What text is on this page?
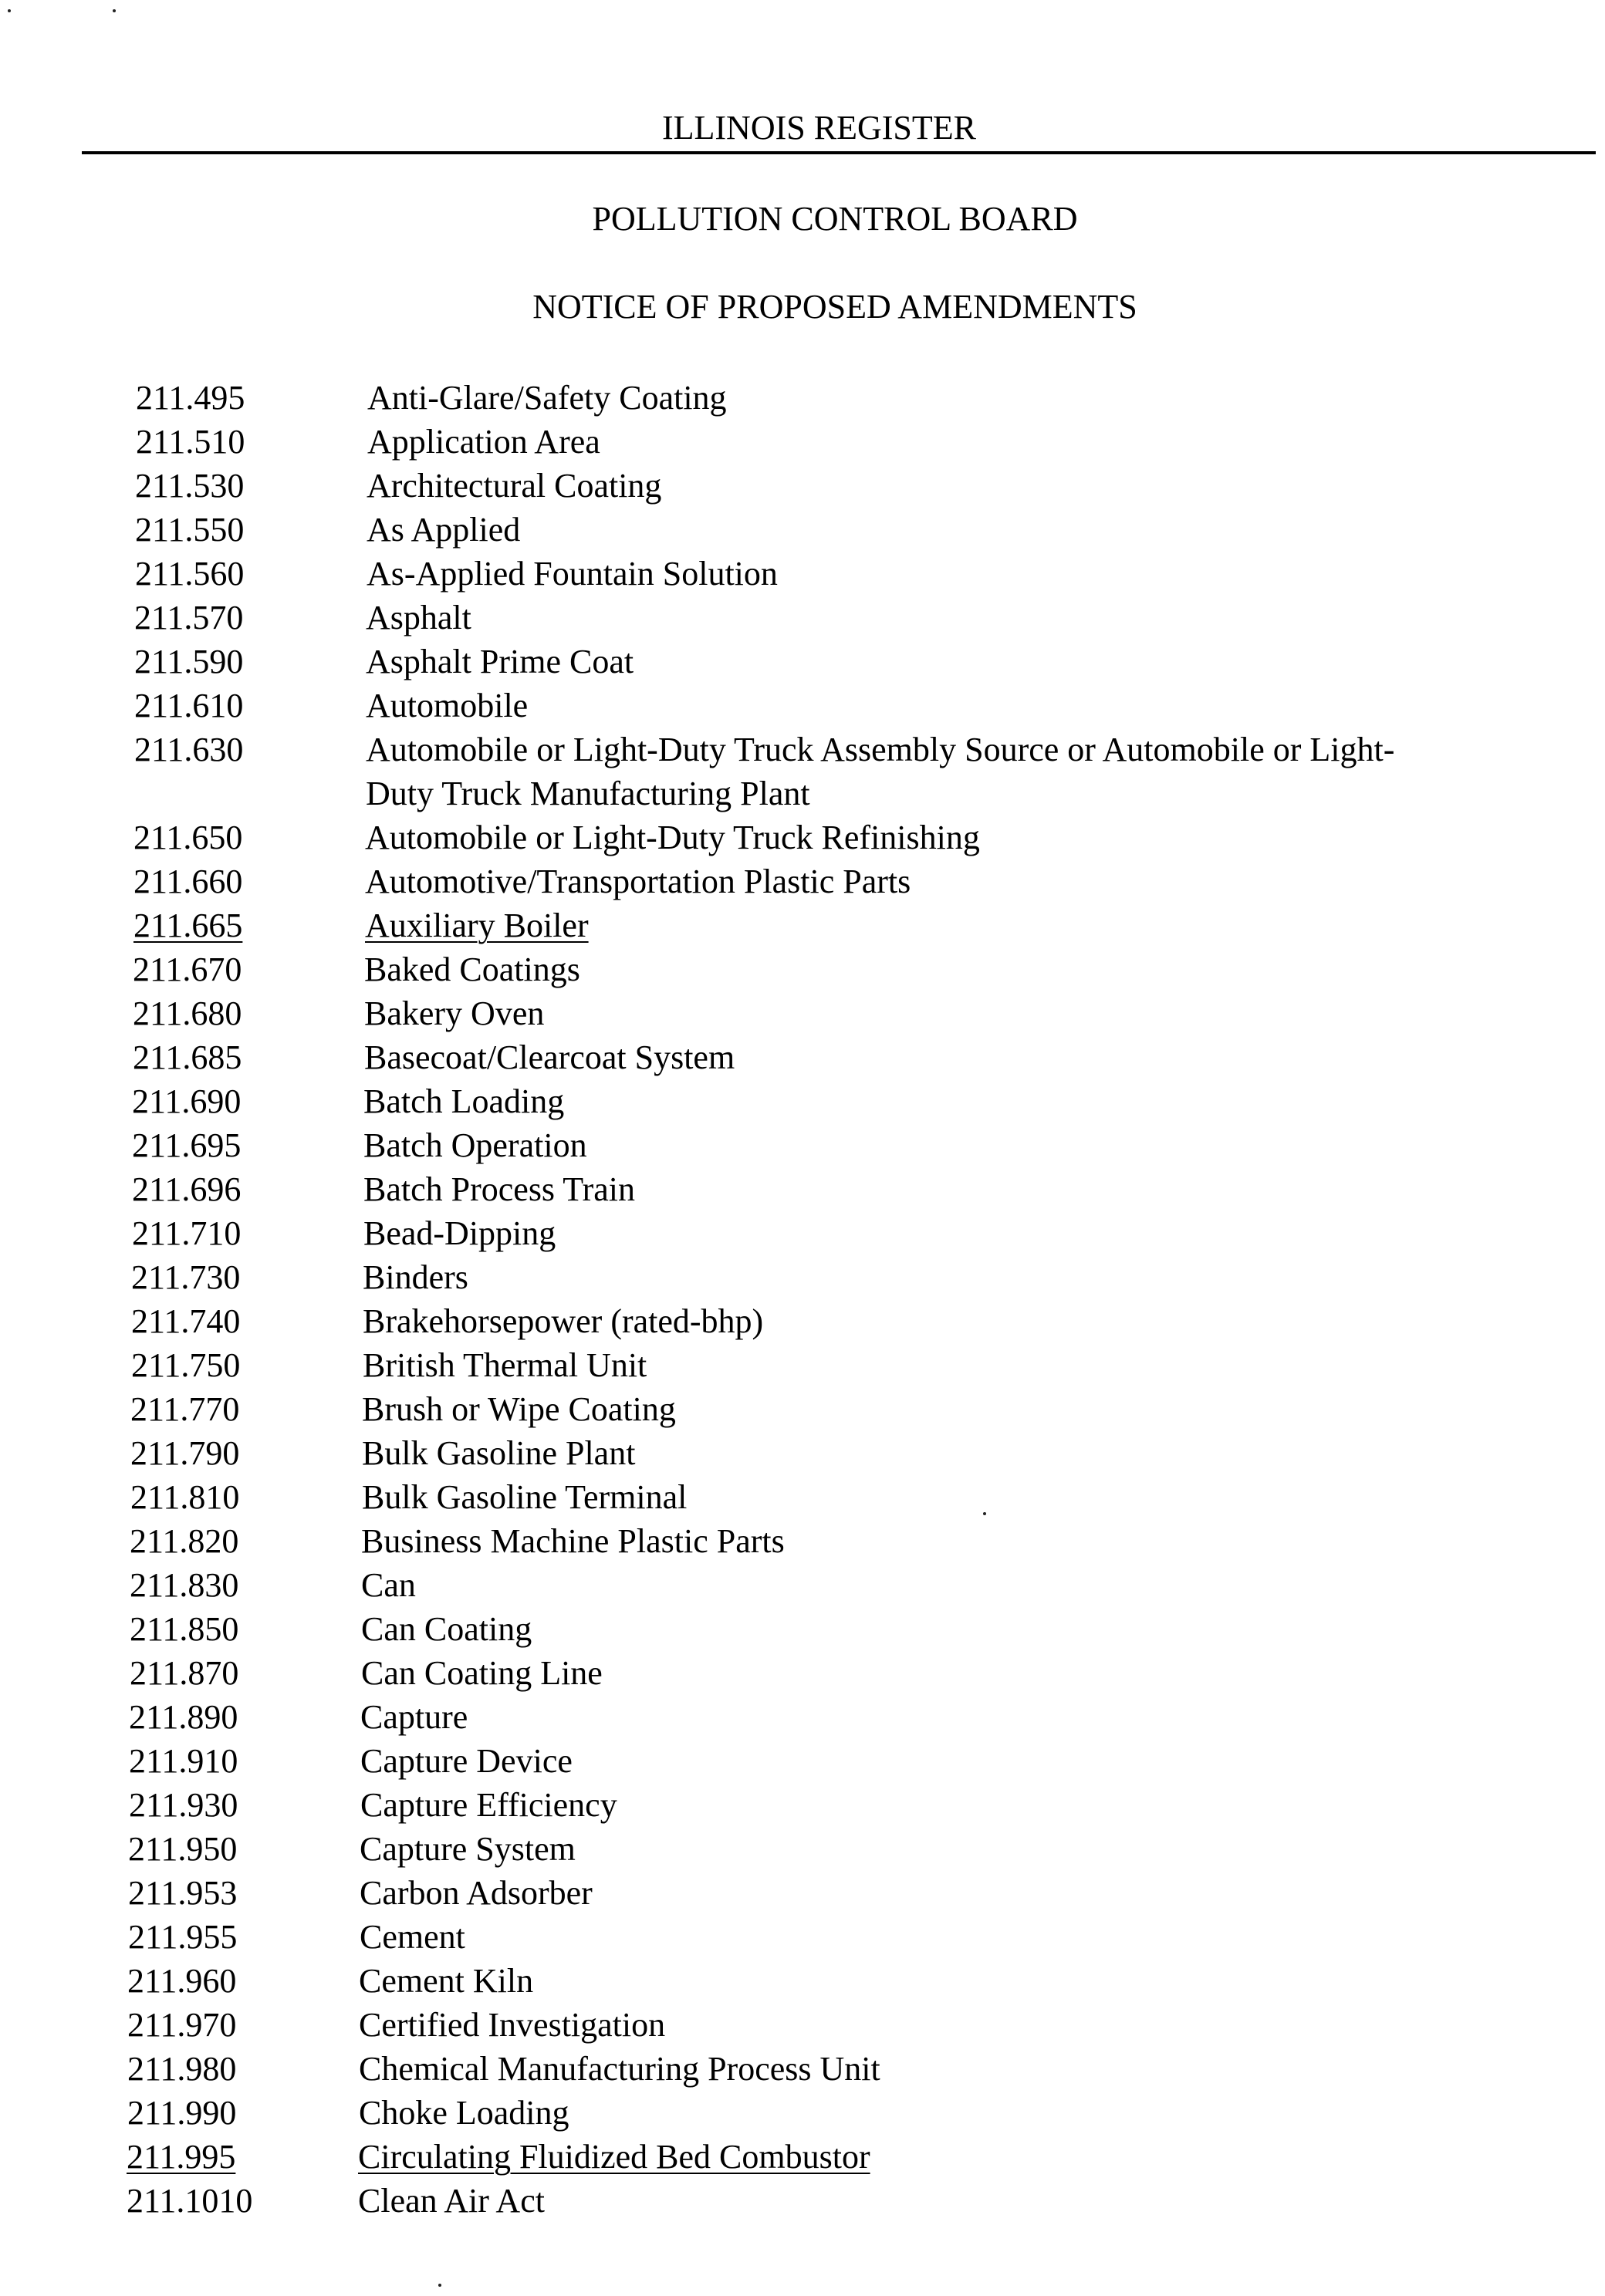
ILLINOIS REGISTER
POLLUTION CONTROL BOARD
NOTICE OF PROPOSED AMENDMENTS
211.495	Anti-Glare/Safety Coating
211.510	Application Area
211.530	Architectural Coating
211.550	As Applied
211.560	As-Applied Fountain Solution
211.570	Asphalt
211.590	Asphalt Prime Coat
211.610	Automobile
211.630	Automobile or Light-Duty Truck Assembly Source or Automobile or Light-Duty Truck Manufacturing Plant
211.650	Automobile or Light-Duty Truck Refinishing
211.660	Automotive/Transportation Plastic Parts
211.665	Auxiliary Boiler
211.670	Baked Coatings
211.680	Bakery Oven
211.685	Basecoat/Clearcoat System
211.690	Batch Loading
211.695	Batch Operation
211.696	Batch Process Train
211.710	Bead-Dipping
211.730	Binders
211.740	Brakehorsepower (rated-bhp)
211.750	British Thermal Unit
211.770	Brush or Wipe Coating
211.790	Bulk Gasoline Plant
211.810	Bulk Gasoline Terminal
211.820	Business Machine Plastic Parts
211.830	Can
211.850	Can Coating
211.870	Can Coating Line
211.890	Capture
211.910	Capture Device
211.930	Capture Efficiency
211.950	Capture System
211.953	Carbon Adsorber
211.955	Cement
211.960	Cement Kiln
211.970	Certified Investigation
211.980	Chemical Manufacturing Process Unit
211.990	Choke Loading
211.995	Circulating Fluidized Bed Combustor
211.1010	Clean Air Act
